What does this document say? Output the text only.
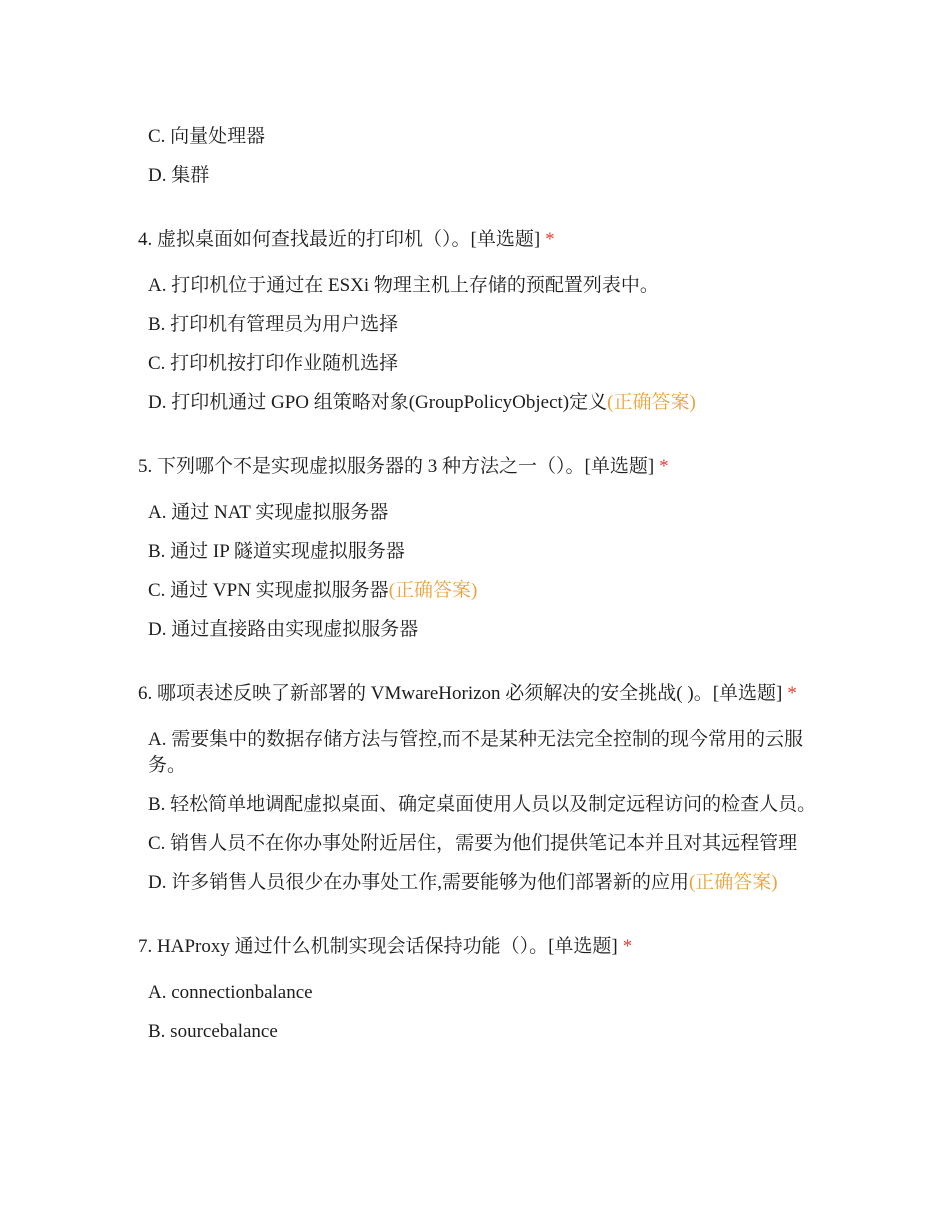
C. 向量处理器
D. 集群
4. 虚拟桌面如何查找最近的打印机（）。[单选题] *
A. 打印机位于通过在 ESXi 物理主机上存储的预配置列表中。
B. 打印机有管理员为用户选择
C. 打印机按打印作业随机选择
D. 打印机通过 GPO 组策略对象(GroupPolicyObject)定义(正确答案)
5. 下列哪个不是实现虚拟服务器的 3 种方法之一（）。[单选题] *
A. 通过 NAT 实现虚拟服务器
B. 通过 IP 隧道实现虚拟服务器
C. 通过 VPN 实现虚拟服务器(正确答案)
D. 通过直接路由实现虚拟服务器
6. 哪项表述反映了新部署的 VMwareHorizon 必须解决的安全挑战( )。[单选题] *
A. 需要集中的数据存储方法与管控,而不是某种无法完全控制的现今常用的云服务。
B. 轻松简单地调配虚拟桌面、确定桌面使用人员以及制定远程访问的检查人员。
C. 销售人员不在你办事处附近居住，需要为他们提供笔记本并且对其远程管理
D. 许多销售人员很少在办事处工作,需要能够为他们部署新的应用(正确答案)
7. HAProxy 通过什么机制实现会话保持功能（）。[单选题] *
A. connectionbalance
B. sourcebalance
